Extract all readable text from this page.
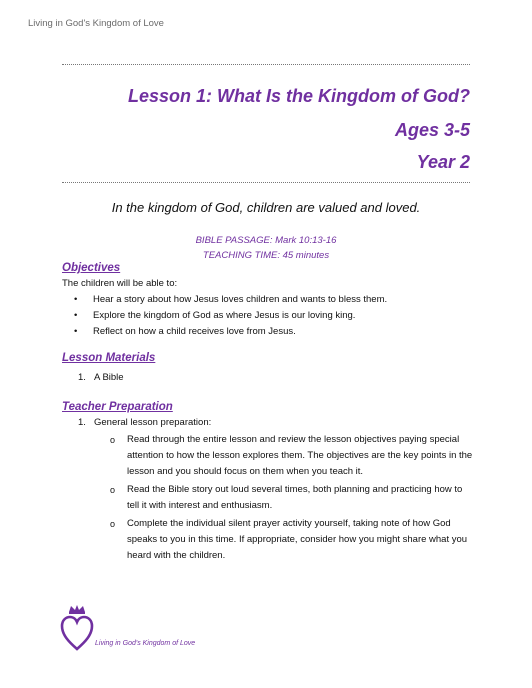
Living in God's Kingdom of Love
Lesson 1: What Is the Kingdom of God?
Ages 3-5
Year 2
In the kingdom of God, children are valued and loved.
BIBLE PASSAGE: Mark 10:13-16
TEACHING TIME: 45 minutes
Objectives
The children will be able to:
• Hear a story about how Jesus loves children and wants to bless them.
• Explore the kingdom of God as where Jesus is our loving king.
• Reflect on how a child receives love from Jesus.
Lesson Materials
1. A Bible
Teacher Preparation
1. General lesson preparation:
o Read through the entire lesson and review the lesson objectives paying special attention to how the lesson explores them. The objectives are the key points in the lesson and you should focus on them when you teach it.
o Read the Bible story out loud several times, both planning and practicing how to tell it with interest and enthusiasm.
o Complete the individual silent prayer activity yourself, taking note of how God speaks to you in this time. If appropriate, consider how you might share what you heard with the children.
Living in God's Kingdom of Love
